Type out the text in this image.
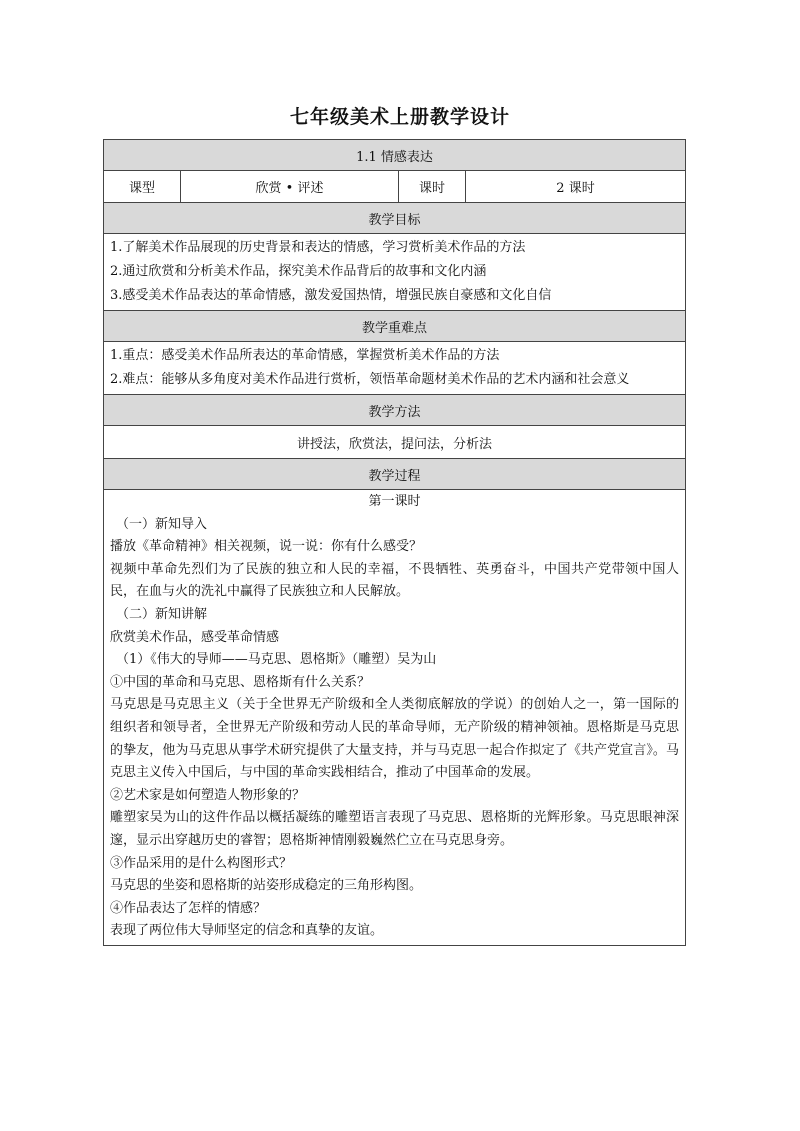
七年级美术上册教学设计
1.1 情感表达
课型	欣赏 • 评述	课时	2 课时
教学目标

1.了解美术作品展现的历史背景和表达的情感，学习赏析美术作品的方法
2.通过欣赏和分析美术作品，探究美术作品背后的故事和文化内涵
3.感受美术作品表达的革命情感，激发爱国热情，增强民族自豪感和文化自信

教学重难点

1.重点：感受美术作品所表达的革命情感，掌握赏析美术作品的方法
2.难点：能够从多角度对美术作品进行赏析，领悟革命题材美术作品的艺术内涵和社会意义

教学方法
讲授法，欣赏法，提问法，分析法
教学过程

第一课时
（一）新知导入
播放《革命精神》相关视频，说一说：你有什么感受？
视频中革命先烈们为了民族的独立和人民的幸福，不畏牺牲、英勇奋斗，中国共产党带领中国人民，在血与火的洗礼中赢得了民族独立和人民解放。
（二）新知讲解
欣赏美术作品，感受革命情感
（1）《伟大的导师——马克思、恩格斯》（雕塑）吴为山
①中国的革命和马克思、恩格斯有什么关系？
马克思是马克思主义（关于全世界无产阶级和全人类彻底解放的学说）的创始人之一，第一国际的组织者和领导者，全世界无产阶级和劳动人民的革命导师，无产阶级的精神领袖。恩格斯是马克思的挚友，他为马克思从事学术研究提供了大量支持，并与马克思一起合作拟定了《共产党宣言》。马克思主义传入中国后，与中国的革命实践相结合，推动了中国革命的发展。
②艺术家是如何塑造人物形象的？
雕塑家吴为山的这件作品以概括凝练的雕塑语言表现了马克思、恩格斯的光辉形象。马克思眼神深邃，显示出穿越历史的睿智；恩格斯神情刚毅巍然伫立在马克思身旁。
③作品采用的是什么构图形式？
马克思的坐姿和恩格斯的站姿形成稳定的三角形构图。
④作品表达了怎样的情感？
表现了两位伟大导师坚定的信念和真挚的友谊。
